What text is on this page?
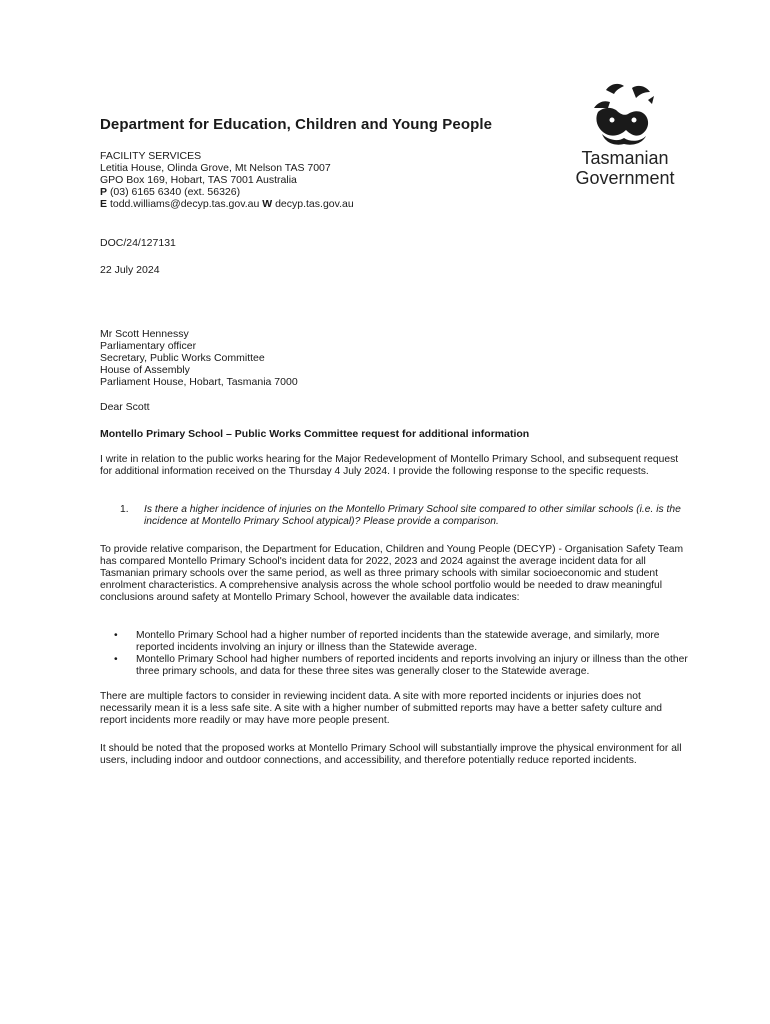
Department for Education, Children and Young People
Tasmanian
Government
FACILITY SERVICES
Letitia House, Olinda Grove, Mt Nelson TAS 7007
GPO Box 169, Hobart, TAS 7001 Australia
P (03) 6165 6340 (ext. 56326)
E todd.williams@decyp.tas.gov.au W decyp.tas.gov.au
DOC/24/127131
22 July 2024
Mr Scott Hennessy
Parliamentary officer
Secretary, Public Works Committee
House of Assembly
Parliament House, Hobart, Tasmania 7000
Dear Scott
Montello Primary School – Public Works Committee request for additional information
I write in relation to the public works hearing for the Major Redevelopment of Montello Primary School, and subsequent request for additional information received on the Thursday 4 July 2024. I provide the following response to the specific requests.
1. Is there a higher incidence of injuries on the Montello Primary School site compared to other similar schools (i.e. is the incidence at Montello Primary School atypical)? Please provide a comparison.
To provide relative comparison, the Department for Education, Children and Young People (DECYP) - Organisation Safety Team has compared Montello Primary School's incident data for 2022, 2023 and 2024 against the average incident data for all Tasmanian primary schools over the same period, as well as three primary schools with similar socioeconomic and student enrolment characteristics. A comprehensive analysis across the whole school portfolio would be needed to draw meaningful conclusions around safety at Montello Primary School, however the available data indicates:
• Montello Primary School had a higher number of reported incidents than the statewide average, and similarly, more reported incidents involving an injury or illness than the Statewide average.
• Montello Primary School had higher numbers of reported incidents and reports involving an injury or illness than the other three primary schools, and data for these three sites was generally closer to the Statewide average.
There are multiple factors to consider in reviewing incident data. A site with more reported incidents or injuries does not necessarily mean it is a less safe site. A site with a higher number of submitted reports may have a better safety culture and report incidents more readily or may have more people present.
It should be noted that the proposed works at Montello Primary School will substantially improve the physical environment for all users, including indoor and outdoor connections, and accessibility, and therefore potentially reduce reported incidents.
